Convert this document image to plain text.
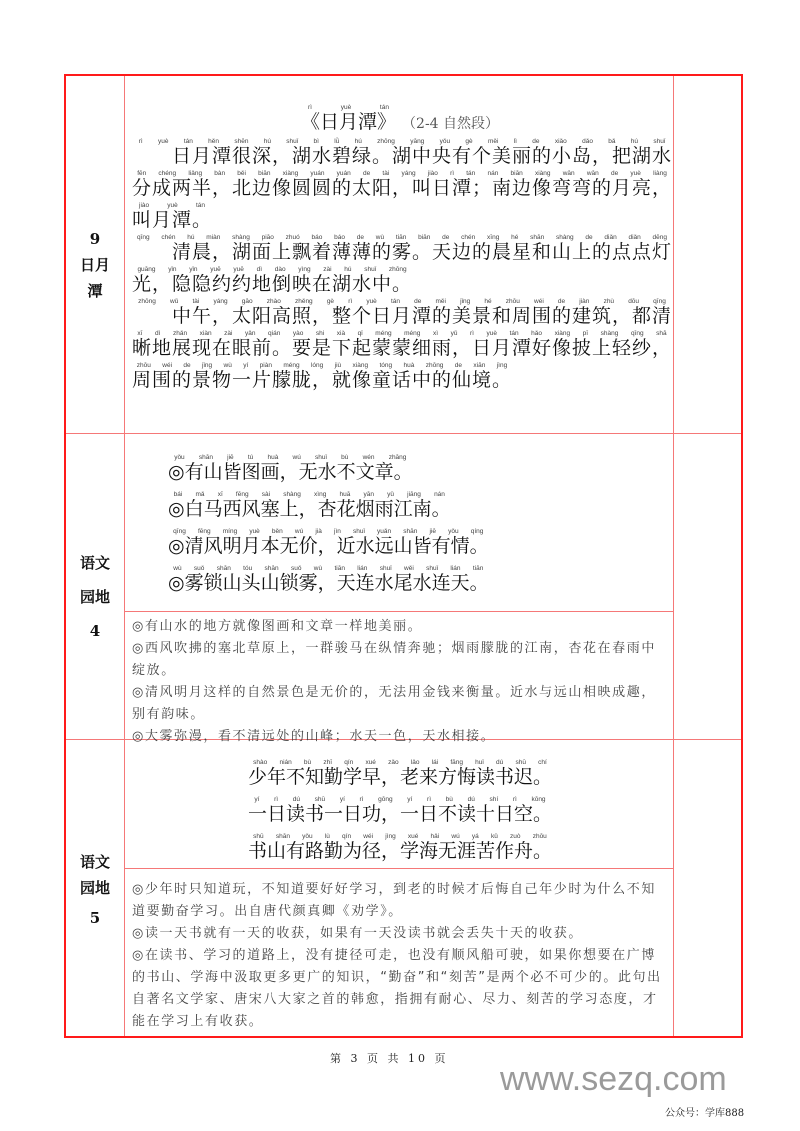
9
日月
潭
《日月潭》rì yuè tán （2-4 自然段）
　　日月潭很深，湖水碧绿。湖中央有个美丽的小岛，把湖水rì yuè tán hěn shēn hú shuǐ bì lǜ hú zhōng yāng yǒu gè měi lì de xiǎo dǎo bǎ hú shuǐ
分成两半，北边像圆圆的太阳，叫日潭；南边像弯弯的月亮，fēn chéng liǎng bàn běi biān xiàng yuán yuán de tài yáng jiào rì tán nán biān xiàng wān wān de yuè liàng
叫月潭。jiào yuè tán
　　清晨，湖面上飘着薄薄的雾。天边的晨星和山上的点点灯qīng chén hú miàn shàng piāo zhuó báo báo de wù tiān biān de chén xīng hé shān shàng de diǎn diǎn dēng
光，隐隐约约地倒映在湖水中。guāng yǐn yǐn yuē yuē dì dào yìng zài hú shuǐ zhōng
　　中午，太阳高照，整个日月潭的美景和周围的建筑，都清zhōng wǔ tài yáng gāo zhào zhěng gè rì yuè tán de měi jǐng hé zhōu wéi de jiàn zhù dōu qīng
晰地展现在眼前。要是下起蒙蒙细雨，日月潭好像披上轻纱，xī dì zhǎn xiàn zài yǎn qián yào shi xià qǐ méng méng xì yǔ rì yuè tán hǎo xiàng pī shàng qīng shā
周围的景物一片朦胧，就像童话中的仙境。zhōu wéi de jǐng wù yí piàn méng lóng jiù xiàng tóng huà zhōng de xiān jìng
语文
园地
4
◎有山皆图画，无水不文章。yǒu shān jiē tú huà wú shuǐ bù wén zhāng
◎白马西风塞上，杏花烟雨江南。bái mǎ xī fēng sài shàng xìng huā yān yǔ jiāng nán
◎清风明月本无价，近水远山皆有情。qīng fēng míng yuè běn wú jià jìn shuǐ yuǎn shān jiē yǒu qíng
◎雾锁山头山锁雾，天连水尾水连天。wù suǒ shān tóu shān suǒ wù tiān lián shuǐ wěi shuǐ lián tiān
◎有山水的地方就像图画和文章一样地美丽。
◎西风吹拂的塞北草原上，一群骏马在纵情奔驰；烟雨朦胧的江南，杏花在春雨中绽放。
◎清风明月这样的自然景色是无价的，无法用金钱来衡量。近水与远山相映成趣，别有韵味。
◎大雾弥漫，看不清远处的山峰；水天一色，天水相接。
语文
园地
5
少年不知勤学早，老来方悔读书迟。shào nián bù zhī qín xué zǎo lǎo lái fāng huǐ dú shū chí
一日读书一日功，一日不读十日空。yí rì dú shū yí rì gōng yí rì bù dú shí rì kōng
书山有路勤为径，学海无涯苦作舟。shū shān yǒu lù qín wéi jìng xué hǎi wú yá kǔ zuò zhōu
◎少年时只知道玩，不知道要好好学习，到老的时候才后悔自己年少时为什么不知道要勤奋学习。出自唐代颜真卿《劝学》。
◎读一天书就有一天的收获，如果有一天没读书就会丢失十天的收获。
◎在读书、学习的道路上，没有捷径可走，也没有顺风船可驶，如果你想要在广博的书山、学海中汲取更多更广的知识，“勤奋”和“刻苦”是两个必不可少的。此句出自著名文学家、唐宋八大家之首的韩愈，指拥有耐心、尽力、刻苦的学习态度，才能在学习上有收获。
第 3 页 共 10 页
www.sezq.com
公众号：学库888
